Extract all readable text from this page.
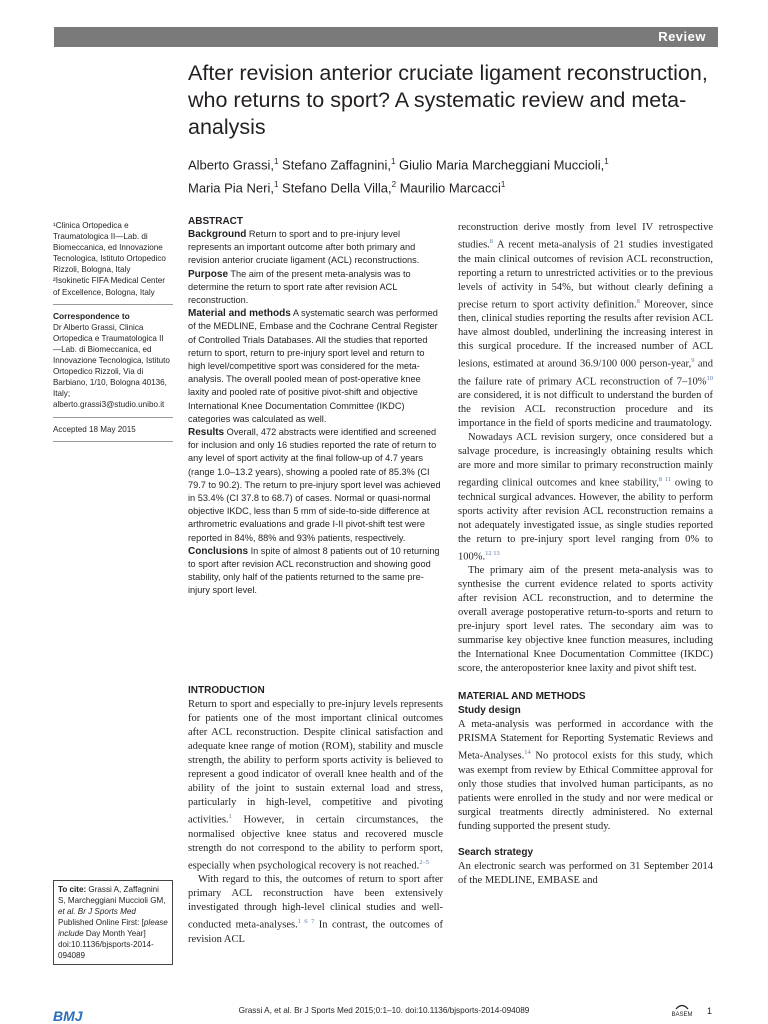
Review
After revision anterior cruciate ligament reconstruction, who returns to sport? A systematic review and meta-analysis
Alberto Grassi,$^1$ Stefano Zaffagnini,$^1$ Giulio Maria Marcheggiani Muccioli,$^1$
Maria Pia Neri,$^1$ Stefano Della Villa,$^2$ Maurilio Marcacci$^1$

¹Clinica Ortopedica e Traumatologica II—Lab. di Biomeccanica, ed Innovazione Tecnologica, Istituto Ortopedico Rizzoli, Bologna, Italy

²Isokinetic FIFA Medical Center of Excellence, Bologna, Italy

Correspondence to

Dr Alberto Grassi, Clinica Ortopedica e Traumatologica II —Lab. di Biomeccanica, ed Innovazione Tecnologica, Istituto Ortopedico Rizzoli, Via di Barbiano, 1/10, Bologna 40136, Italy; alberto.grassi3@studio.unibo.it

Accepted 18 May 2015

ABSTRACT

Background Return to sport and to pre-injury level represents an important outcome after both primary and revision anterior cruciate ligament (ACL) reconstructions.

Purpose The aim of the present meta-analysis was to determine the return to sport rate after revision ACL reconstruction.

Material and methods A systematic search was performed of the MEDLINE, Embase and the Cochrane Central Register of Controlled Trials Databases. All the studies that reported return to sport, return to pre-injury sport level and return to high level/competitive sport was considered for the meta-analysis. The overall pooled mean of post-operative knee laxity and pooled rate of positive pivot-shift and objective International Knee Documentation Committee (IKDC) categories was calculated as well.

Results Overall, 472 abstracts were identified and screened for inclusion and only 16 studies reported the rate of return to any level of sport activity at the final follow-up of 4.7 years (range 1.0–13.2 years), showing a pooled rate of 85.3% (CI 79.7 to 90.2). The return to pre-injury sport level was achieved in 53.4% (CI 37.8 to 68.7) of cases. Normal or quasi-normal objective IKDC, less than 5 mm of side-to-side difference at arthrometric evaluations and grade I-II pivot-shift test were reported in 84%, 88% and 93% patients, respectively.

Conclusions In spite of almost 8 patients out of 10 returning to sport after revision ACL reconstruction and showing good stability, only half of the patients returned to the same pre-injury sport level.

INTRODUCTION

Return to sport and especially to pre-injury levels represents for patients one of the most important clinical outcomes after ACL reconstruction. Despite clinical satisfaction and adequate knee range of motion (ROM), stability and muscle strength, the ability to perform sports activity is believed to represent a good indicator of overall knee health and of the ability of the joint to sustain external load and stress, particularly in high-level, competitive and pivoting activities.$^1$ However, in certain circumstances, the normalised objective knee status and recovered muscle strength do not correspond to the ability to perform sport, especially when psychological recovery is not reached.$^{2-5}$

With regard to this, the outcomes of return to sport after primary ACL reconstruction have been extensively investigated through high-level clinical studies and well-conducted meta-analyses.$^{1 6 7}$ In contrast, the outcomes of revision ACL

reconstruction derive mostly from level IV retrospective studies.$^8$ A recent meta-analysis of 21 studies investigated the main clinical outcomes of revision ACL reconstruction, reporting a return to unrestricted activities or to the previous levels of activity in 54%, but without clearly defining a precise return to sport activity definition.$^8$ Moreover, since then, clinical studies reporting the results after revision ACL have almost doubled, underlining the increasing interest in this surgical procedure. If the increased number of ACL lesions, estimated at around 36.9/100 000 person-year,$^9$ and the failure rate of primary ACL reconstruction of 7–10%$^{10}$ are considered, it is not difficult to understand the burden of the revision ACL reconstruction procedure and its importance in the field of sports medicine and traumatology.

Nowadays ACL revision surgery, once considered but a salvage procedure, is increasingly obtaining results which are more and more similar to primary reconstruction mainly regarding clinical outcomes and knee stability,$^{8 11}$ owing to technical surgical advances. However, the ability to perform sports activity after revision ACL reconstruction remains a not adequately investigated issue, as single studies reported the return to pre-injury sport level ranging from 0% to 100%.$^{12 13}$

The primary aim of the present meta-analysis was to synthesise the current evidence related to sports activity after revision ACL reconstruction, and to determine the overall average postoperative return-to-sports and return to pre-injury sport level rates. The secondary aim was to summarise key objective knee function measures, including the International Knee Documentation Committee (IKDC) score, the anteroposterior knee laxity and pivot shift test.

MATERIAL AND METHODS

Study design

A meta-analysis was performed in accordance with the PRISMA Statement for Reporting Systematic Reviews and Meta-Analyses.$^{14}$ No protocol exists for this study, which was exempt from review by Ethical Committee approval for only those studies that involved human participants, as no patients were enrolled in the study and nor were medical or surgical treatments directly administered. No external funding supported the present study.

Search strategy

An electronic search was performed on 31 September 2014 of the MEDLINE, EMBASE and

To cite: Grassi A, Zaffagnini S, Marcheggiani Muccioli GM, et al. Br J Sports Med Published Online First: [please include Day Month Year] doi:10.1136/bjsports-2014-094089

BMJ	Grassi A, et al. Br J Sports Med 2015;0:1–10. doi:10.1136/bjsports-2014-094089	BASEM	1
